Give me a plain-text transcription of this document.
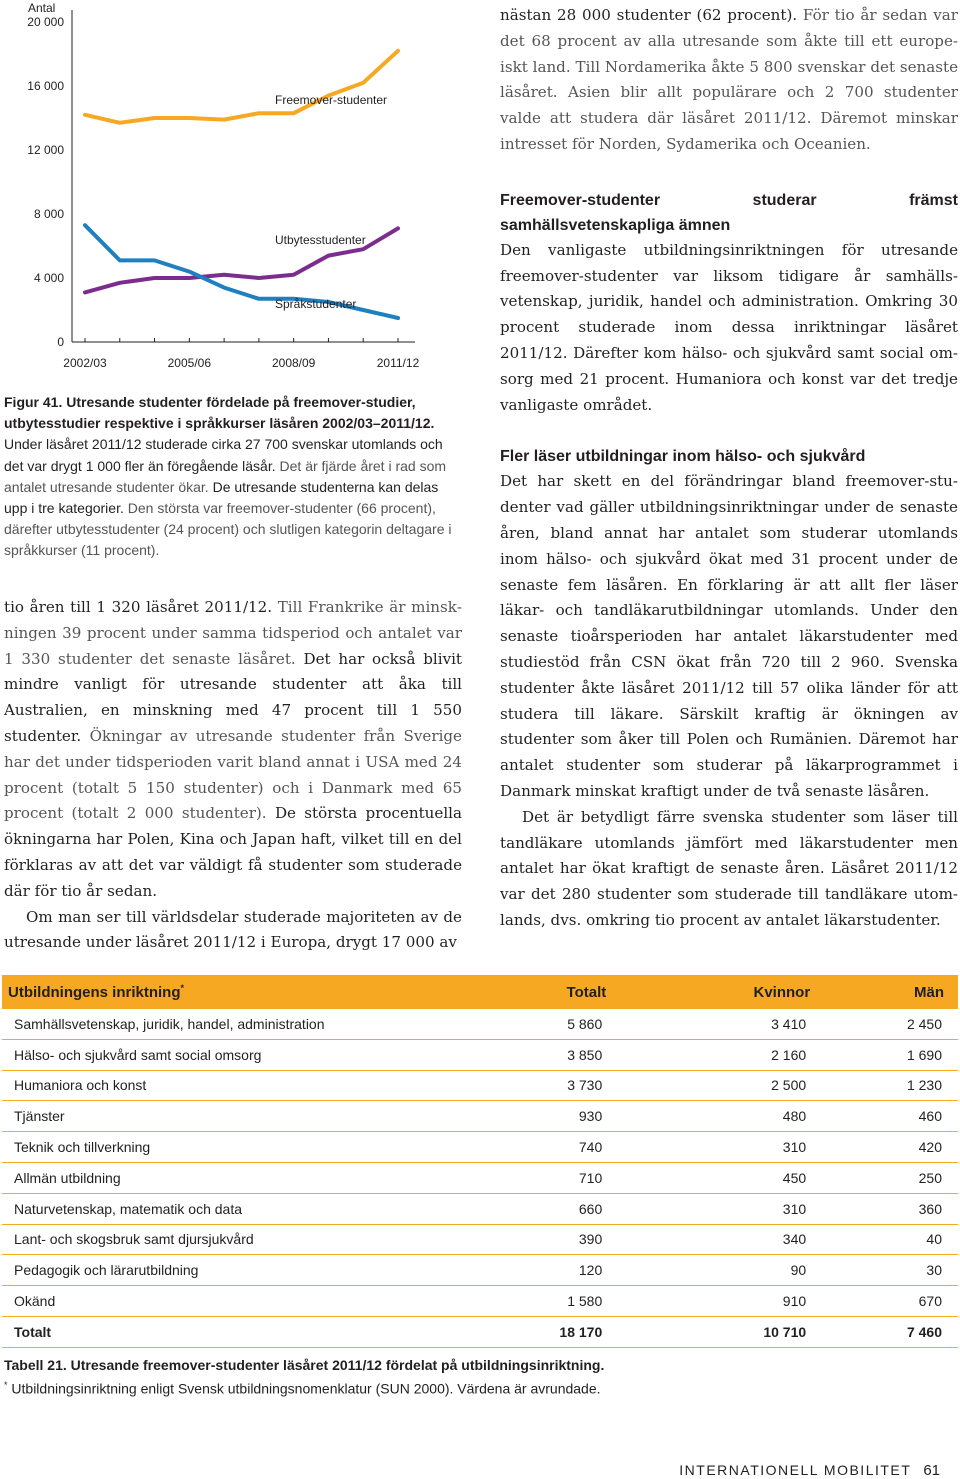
Antal
20 000
16 000
12 000
8 000
4 000
0
2002/03	2005/06	2008/09	2011/12
Freemover-studenter
Utbytesstudenter
Språkstudenter
Figur 41. Utresande studenter fördelade på freemover-studier, utbytesstudier respektive i språkkurser läsåren 2002/03–2011/12. Under läsåret 2011/12 studerade cirka 27 700 svenskar utomlands och det var drygt 1 000 fler än föregående läsår. Det är fjärde året i rad som antalet utresande studenter ökar. De utresande studenterna kan delas upp i tre kategorier. Den största var freemover-studenter (66 procent), därefter utbytesstudenter (24 procent) och slutligen kategorin deltagare i språkkurser (11 procent).

tio åren till 1 320 läsåret 2011/12. Till Frankrike är minskningen 39 procent under samma tidsperiod och antalet var 1 330 studenter det senaste läsåret. Det har också blivit mindre vanligt för utresande studenter att åka till Australien, en minskning med 47 procent till 1 550 studenter. Ökningar av utresande studenter från Sverige har det under tidsperioden varit bland annat i USA med 24 procent (totalt 5 150 studenter) och i Danmark med 65 procent (totalt 2 000 studenter). De största procentuella ökningarna har Polen, Kina och Japan haft, vilket till en del förklaras av att det var väldigt få studenter som studerade där för tio år sedan.

Om man ser till världsdelar studerade majoriteten av de utresande under läsåret 2011/12 i Europa, drygt 17 000 av

nästan 28 000 studenter (62 procent). För tio år sedan var det 68 procent av alla utresande som åkte till ett europeiskt land. Till Nordamerika åkte 5 800 svenskar det senaste läsåret. Asien blir allt populärare och 2 700 studenter valde att studera där läsåret 2011/12. Däremot minskar intresset för Norden, Sydamerika och Oceanien.

Freemover-studenter studerar främst samhällsvetenskapliga ämnen

Den vanligaste utbildningsinriktningen för utresande freemover-studenter var liksom tidigare år samhällsvetenskap, juridik, handel och administration. Omkring 30 procent studerade inom dessa inriktningar läsåret 2011/12. Därefter kom hälso- och sjukvård samt social omsorg med 21 procent. Humaniora och konst var det tredje vanligaste området.

Fler läser utbildningar inom hälso- och sjukvård

Det har skett en del förändringar bland freemover-studenter vad gäller utbildningsinriktningar under de senaste åren, bland annat har antalet som studerar utomlands inom hälso- och sjukvård ökat med 31 procent under de senaste fem läsåren. En förklaring är att allt fler läser läkar- och tandläkarutbildningar utomlands. Under den senaste tioårsperioden har antalet läkarstudenter med studiestöd från CSN ökat från 720 till 2 960. Svenska studenter åkte läsåret 2011/12 till 57 olika länder för att studera till läkare. Särskilt kraftig är ökningen av studenter som åker till Polen och Rumänien. Däremot har antalet studenter som studerar på läkarprogrammet i Danmark minskat kraftigt under de två senaste läsåren.

Det är betydligt färre svenska studenter som läser till tandläkare utomlands jämfört med läkarstudenter men antalet har ökat kraftigt de senaste åren. Läsåret 2011/12 var det 280 studenter som studerade till tandläkare utomlands, dvs. omkring tio procent av antalet läkarstudenter.

Utbildningens inriktning*	Totalt	Kvinnor	Män
Samhällsvetenskap, juridik, handel, administration	5 860	3 410	2 450
Hälso- och sjukvård samt social omsorg	3 850	2 160	1 690
Humaniora och konst	3 730	2 500	1 230
Tjänster	930	480	460
Teknik och tillverkning	740	310	420
Allmän utbildning	710	450	250
Naturvetenskap, matematik och data	660	310	360
Lant- och skogsbruk samt djursjukvård	390	340	40
Pedagogik och lärarutbildning	120	90	30
Okänd	1 580	910	670
Totalt	18 170	10 710	7 460
Tabell 21. Utresande freemover-studenter läsåret 2011/12 fördelat på utbildningsinriktning.
* Utbildningsinriktning enligt Svensk utbildningsnomenklatur (SUN 2000). Värdena är avrundade.
INTERNATIONELL MOBILITET 61
